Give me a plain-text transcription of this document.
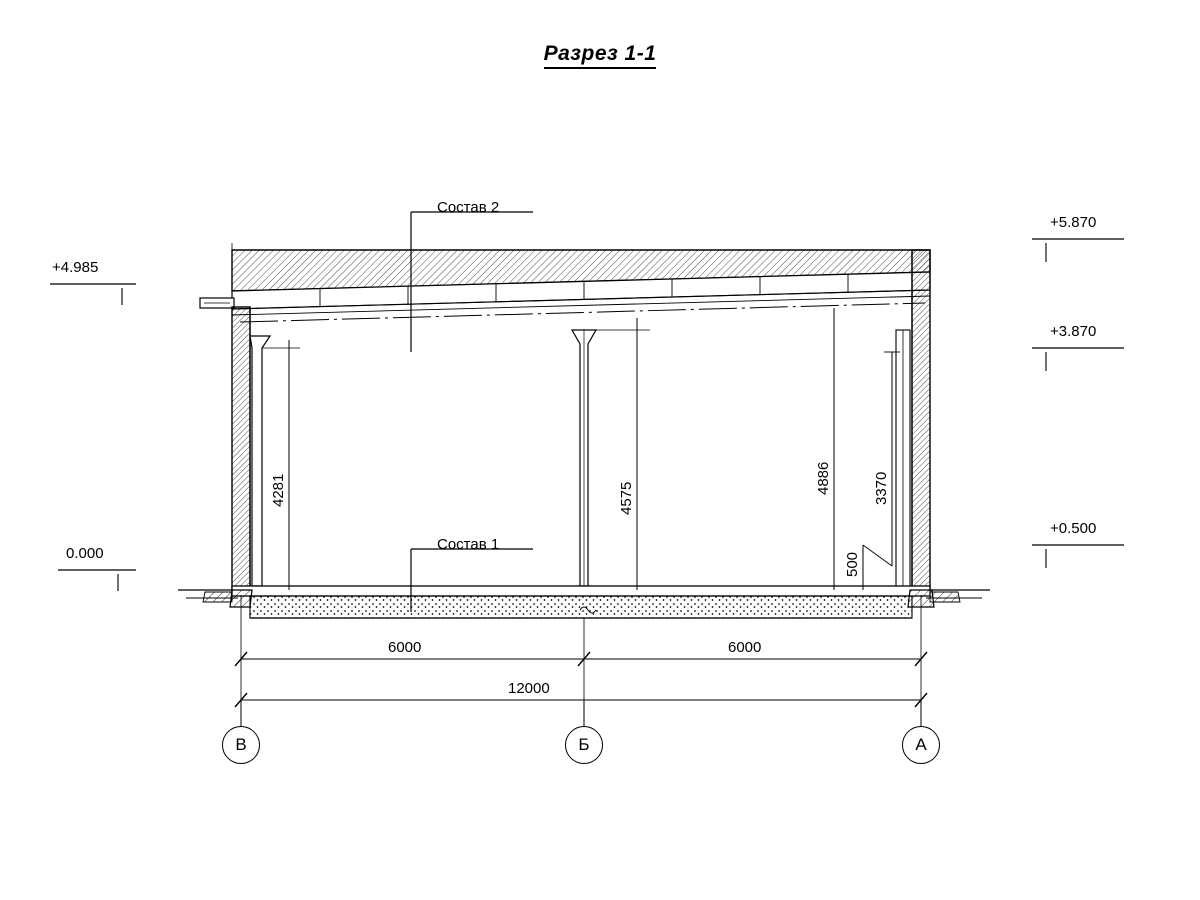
Разрез 1-1
Состав 2
Состав 1
+5.870
+3.870
+0.500
+4.985
0.000
4281	4575
4886	3370
500
6000	6000
12000
В	Б	А
